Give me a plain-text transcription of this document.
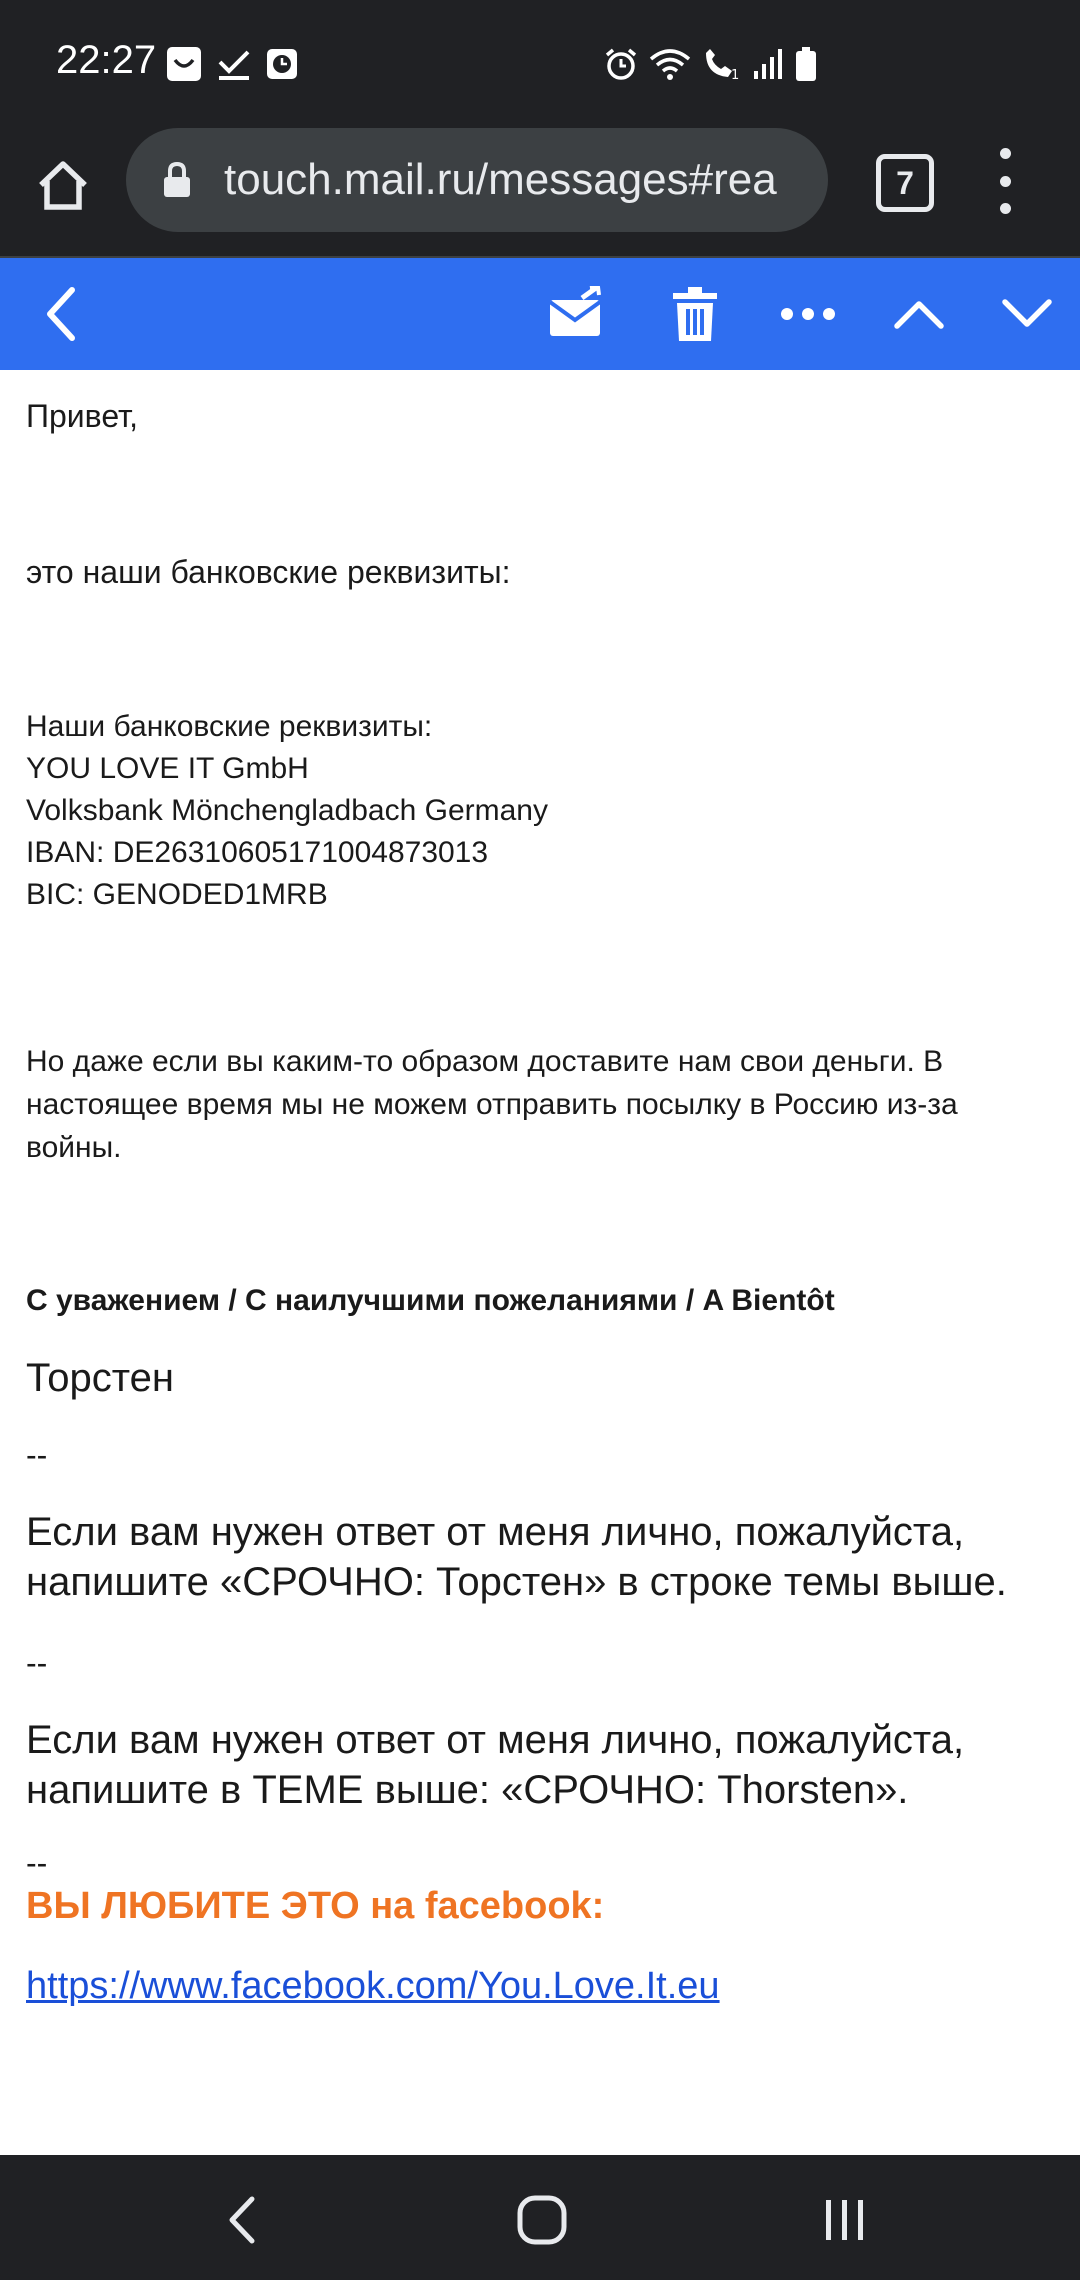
22:27	1
touch.mail.ru/messages#rea	7

Привет,

это наши банковские реквизиты:

Наши банковские реквизиты:
YOU LOVE IT GmbH
Volksbank Mönchengladbach Germany
IBAN: DE26310605171004873013
BIC: GENODED1MRB

Но даже если вы каким-то образом доставите нам свои деньги. В настоящее время мы не можем отправить посылку в Россию из-за войны.

С уважением / С наилучшими пожеланиями / A Bientôt

Торстен

--

Если вам нужен ответ от меня лично, пожалуйста, напишите «СРОЧНО: Торстен» в строке темы выше.

--

Если вам нужен ответ от меня лично, пожалуйста, напишите в ТЕМЕ выше: «СРОЧНО: Thorsten».

--

ВЫ ЛЮБИТЕ ЭТО на facebook:

https://www.facebook.com/You.Love.It.eu
